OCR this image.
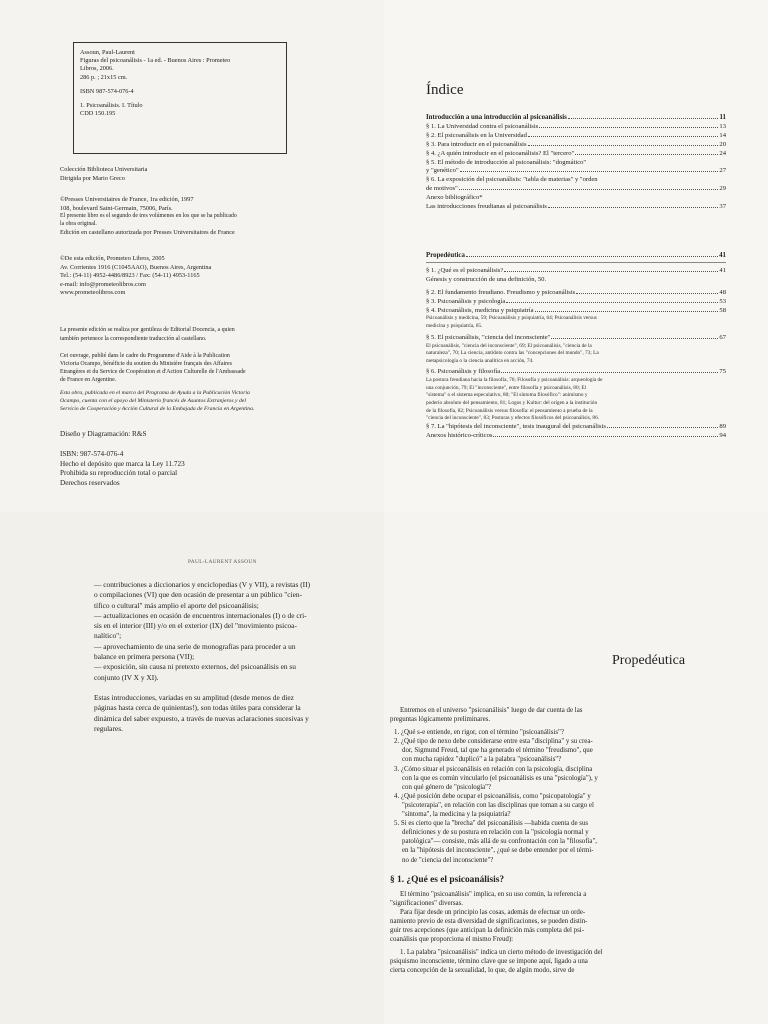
Assoun, Paul-Laurent
Figuras del psicoanálisis - 1a ed. - Buenos Aires : Prometeo
Libros, 2006.
286 p. ; 21x15 cm.
ISBN 987-574-076-4
1. Psicoanálisis. I. Título
CDD 150.195
Colección Biblioteca Universitaria
Dirigida por Mario Greco
©Presses Universitaires de France, 1ra edición, 1997
108, boulevard Saint-Germain, 75006, París.
El presente libro es el segundo de tres volúmenes en los que se ha publicado
la obra original.
Edición en castellano autorizada por Presses Universitaires de France
©De esta edición, Prometeo Libros, 2005
Av. Corrientes 1916 (C1045AAO), Buenos Aires, Argentina
Tel.: (54-11) 4952-4486/8923 / Fax: (54-11) 4953-1165
e-mail: info@prometeolibros.com
www.prometeolibros.com
La presente edición se realiza por gentileza de Editorial Docencia, a quien
también pertenece la correspondiente traducción al castellano.
Cet ouvrage, publié dans le cadre du Programme d'Aide à la Publication
Victoria Ocampo, bénéficie du soutien du Ministère français des Affaires
Etrangères et du Service de Coopération et d'Action Culturelle de l'Ambassade
de France en Argentine.
Esta obra, publicada en el marco del Programa de Ayuda a la Publicación Victoria
Ocampo, cuenta con el apoyo del Ministerio francés de Asuntos Extranjeros y del
Servicio de Cooperación y Acción Cultural de la Embajada de Francia en Argentina.
Diseño y Diagramación: R&S
ISBN: 987-574-076-4
Hecho el depósito que marca la Ley 11.723
Prohibida su reproducción total o parcial
Derechos reservados
Índice
Introducción a una introducción al psicoanálisis	11
§ 1. La Universidad contra el psicoanálisis	13
§ 2. El psicoanálisis en la Universidad	14
§ 3. Para introducir en el psicoanálisis	20
§ 4. ¿A quién introducir en el psicoanálisis? El "tercero"	24
§ 5. El método de introducción al psicoanálisis: "dogmático"
y "genético"	27
§ 6. La exposición del psicoanálisis: "tabla de materias" y "orden
de motivos"	29
Anexo bibliográfico*
Las introducciones freudianas al psicoanálisis	37
Propedéutica	41
§ 1. ¿Qué es el psicoanálisis?	41
Génesis y construcción de una definición, 50.
§ 2. El fundamento freudiano. Freudismo y psicoanálisis	48
§ 3. Psicoanálisis y psicología	53
§ 4. Psicoanálisis, medicina y psiquiatría	58
Psicoanálisis y medicina, 59; Psicoanálisis y psiquiatría, 64; Psicoanálisis versus
medicina y psiquiatría, 65.
§ 5. El psicoanálisis, "ciencia del inconsciente"	67
El psicoanálisis, "ciencia del inconsciente", 69; El psicoanálisis, "ciencia de la
naturaleza", 70; La ciencia, antídoto contra las "concepciones del mundo", 73; La
metapsicología o la ciencia analítica en acción, 74.
§ 6. Psicoanálisis y filosofía	75
La postura freudiana hacia la filosofía, 76; Filosofía y psicoanálisis: arqueología de
una conjunción, 79; El "inconsciente", entre filosofía y psicoanálisis, 80; El
"sistema" o el sistema especulativo, 80; "El síntoma filosófico": animismo y
poderío absoluto del pensamiento, 81; Logos y Kultur: del origen a la institución
de la filosofía, 82; Psicoanálisis versus filosofía: el pensamiento a prueba de la
"ciencia del inconsciente", 83; Posturas y efectos filosóficos del psicoanálisis, 86.
§ 7. La "hipótesis del inconsciente", tesis inaugural del psicoanálisis	89
Anexos histórico-críticos	94
PAUL-LAURENT ASSOUN
— contribuciones a diccionarios y enciclopedias (V y VII), a revistas (II)
o compilaciones (VI) que den ocasión de presentar a un público "cien-
tífico o cultural" más amplio el aporte del psicoanálisis;
— actualizaciones en ocasión de encuentros internacionales (I) o de cri-
sis en el interior (III) y/o en el exterior (IX) del "movimiento psicoa-
nalítico";
— aprovechamiento de una serie de monografías para proceder a un
balance en primera persona (VII);
— exposición, sin causa ni pretexto externos, del psicoanálisis en su
conjunto (IV X y XI).
Estas introducciones, variadas en su amplitud (desde menos de diez
páginas hasta cerca de quinientas!), son todas útiles para considerar la
dinámica del saber expuesto, a través de nuevas aclaraciones sucesivas y
regulares.
Propedéutica
Entremos en el universo "psicoanálisis" luego de dar cuenta de las
preguntas lógicamente preliminares.
1. ¿Qué s-e entiende, en rigor, con el término "psicoanálisis"?
2. ¿Qué tipo de nexo debe considerarse entre esta "disciplina" y su crea-
dor, Sigmund Freud, tal que ha generado el término "freudismo", que
con mucha rapidez "duplicó" a la palabra "psicoanálisis"?
3. ¿Cómo situar el psicoanálisis en relación con la psicología, disciplina
con la que es común vincularlo (el psicoanálisis es una "psicología"), y
con qué género de "psicología"?
4. ¿Qué posición debe ocupar el psicoanálisis, como "psicopatología" y
"psicoterapia", en relación con las disciplinas que toman a su cargo el
"síntoma", la medicina y la psiquiatría?
5. Si es cierto que la "brecha" del psicoanálisis —habida cuenta de sus
definiciones y de su postura en relación con la "psicología normal y
patológica"— consiste, más allá de su confrontación con la "filosofía",
en la "hipótesis del inconsciente", ¿qué se debe entender por el térmi-
no de "ciencia del inconsciente"?
§ 1. ¿Qué es el psicoanálisis?
El término "psicoanálisis" implica, en su uso común, la referencia a
"significaciones" diversas.
Para fijar desde un principio las cosas, además de efectuar un orde-
namiento previo de esta diversidad de significaciones, se pueden distin-
guir tres acepciones (que anticipan la definición más completa del psi-
coanálisis que proporciona el mismo Freud):
1. La palabra "psicoanálisis" indica un cierto método de investigación del
psiquismo inconsciente, término clave que se impone aquí, ligado a una
cierta concepción de la sexualidad, lo que, de algún modo, sirve de
